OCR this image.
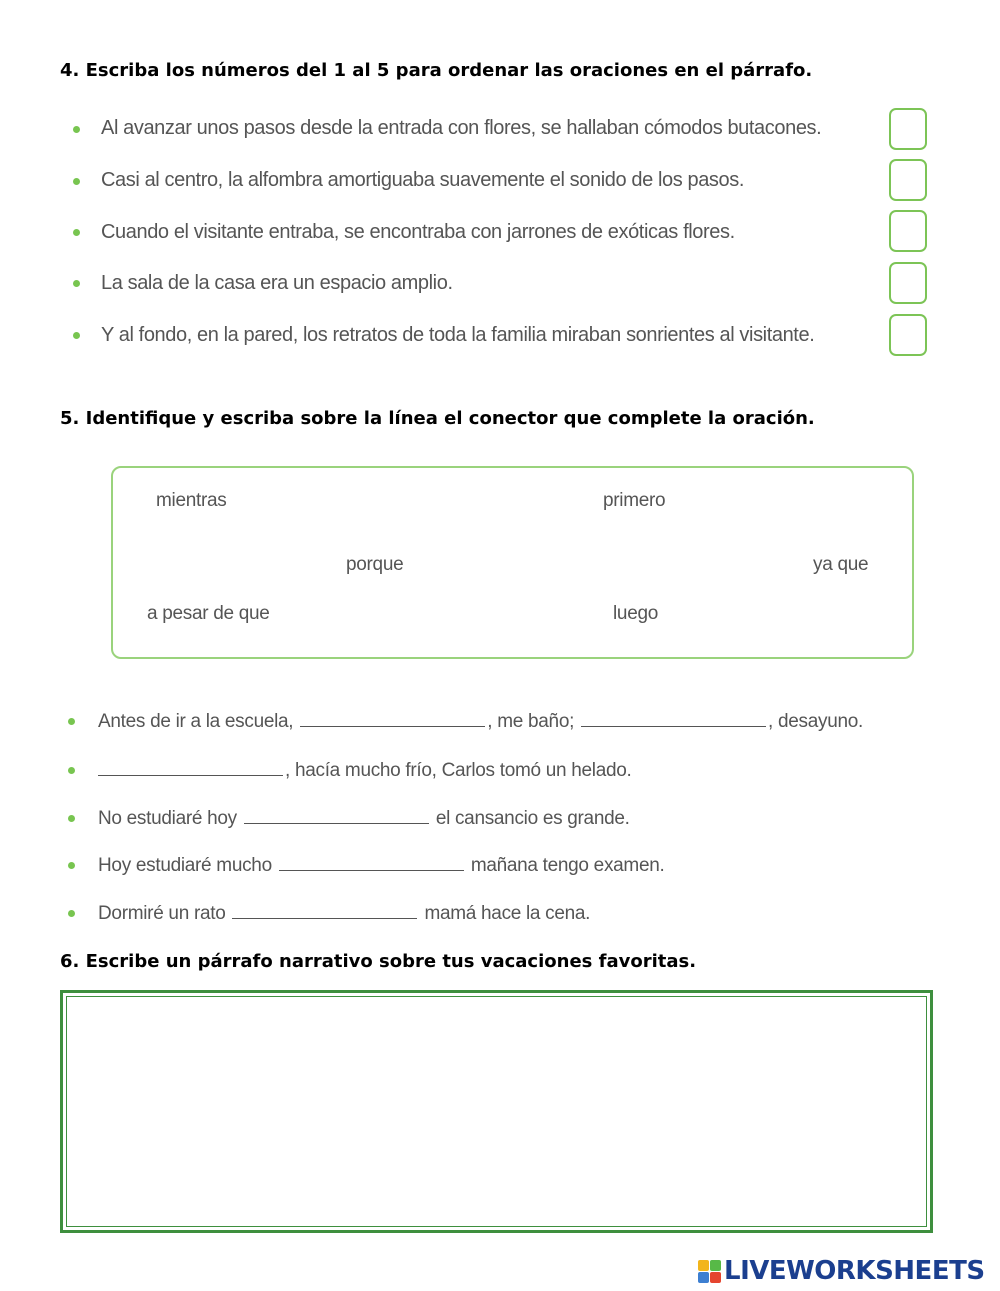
4. Escriba los números del 1 al 5 para ordenar las oraciones en el párrafo.
Al avanzar unos pasos desde la entrada con flores, se hallaban cómodos butacones.
Casi al centro, la alfombra amortiguaba suavemente el sonido de los pasos.
Cuando el visitante entraba, se encontraba con jarrones de exóticas flores.
La sala de la casa era un espacio amplio.
Y al fondo, en la pared, los retratos de toda la familia miraban sonrientes al visitante.
5. Identifique y escriba sobre la línea el conector que complete la oración.
mientras	primero
porque	ya que
a pesar de que	luego
Antes de ir a la escuela,	, me baño;	, desayuno.
, hacía mucho frío, Carlos tomó un helado.
No estudiaré hoy	el cansancio es grande.
Hoy estudiaré mucho	mañana tengo examen.
Dormiré un rato	mamá hace la cena.
6. Escribe un párrafo narrativo sobre tus vacaciones favoritas.
LIVEWORKSHEETS
